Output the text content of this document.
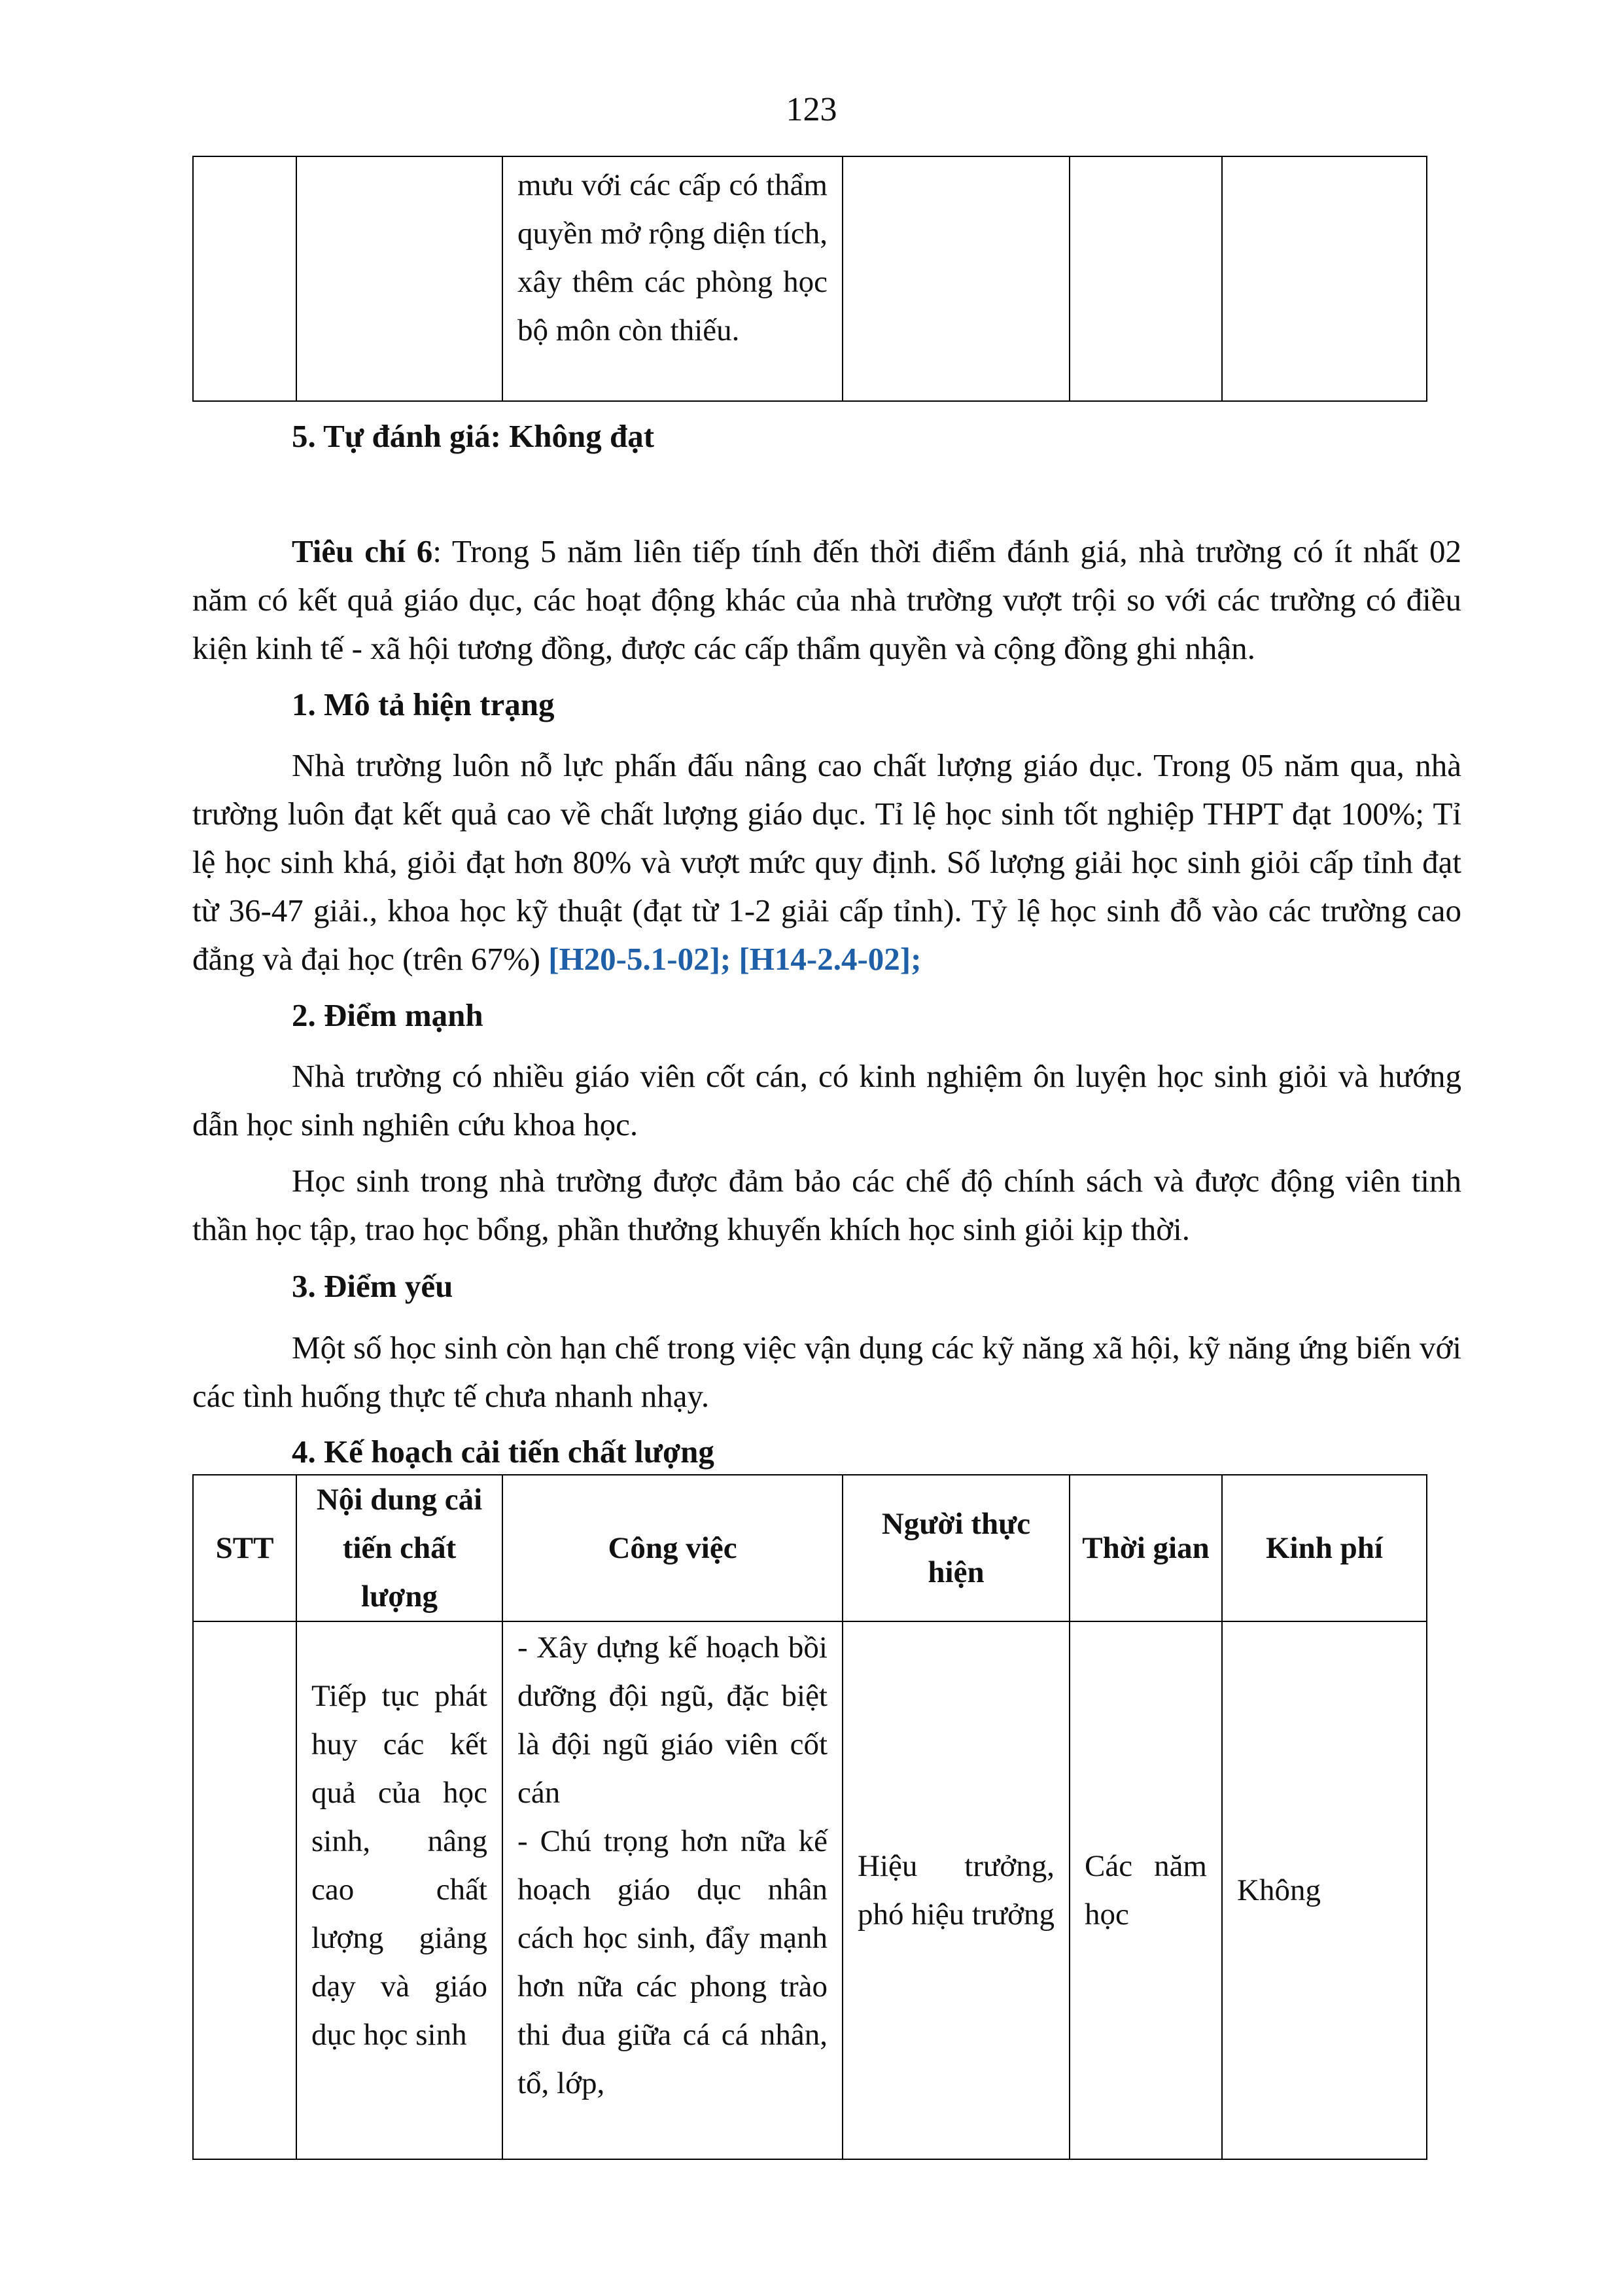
123
		mưu với các cấp có thẩm quyền mở rộng diện tích, xây thêm các phòng học bộ môn còn thiếu.			
5. Tự đánh giá: Không đạt
Tiêu chí 6: Trong 5 năm liên tiếp tính đến thời điểm đánh giá, nhà trường có ít nhất 02 năm có kết quả giáo dục, các hoạt động khác của nhà trường vượt trội so với các trường có điều kiện kinh tế - xã hội tương đồng, được các cấp thẩm quyền và cộng đồng ghi nhận.
1. Mô tả hiện trạng
Nhà trường luôn nỗ lực phấn đấu nâng cao chất lượng giáo dục. Trong 05 năm qua, nhà trường luôn đạt kết quả cao về chất lượng giáo dục. Tỉ lệ học sinh tốt nghiệp THPT đạt 100%; Tỉ lệ học sinh khá, giỏi đạt hơn 80% và vượt mức quy định. Số lượng giải học sinh giỏi cấp tỉnh đạt từ 36-47 giải., khoa học kỹ thuật (đạt từ 1-2 giải cấp tỉnh). Tỷ lệ học sinh đỗ vào các trường cao đẳng và đại học (trên 67%) [H20-5.1-02]; [H14-2.4-02];
2. Điểm mạnh
Nhà trường có nhiều giáo viên cốt cán, có kinh nghiệm ôn luyện học sinh giỏi và hướng dẫn học sinh nghiên cứu khoa học.
Học sinh trong nhà trường được đảm bảo các chế độ chính sách và được động viên tinh thần học tập, trao học bổng, phần thưởng khuyến khích học sinh giỏi kịp thời.
3. Điểm yếu
Một số học sinh còn hạn chế trong việc vận dụng các kỹ năng xã hội, kỹ năng ứng biến với các tình huống thực tế chưa nhanh nhạy.
4. Kế hoạch cải tiến chất lượng
STT	Nội dung cải tiến chất lượng	Công việc	Người thực hiện	Thời gian	Kinh phí
	Tiếp tục phát huy các kết quả của học sinh, nâng cao chất lượng giảng dạy và giáo dục học sinh	- Xây dựng kế hoạch bồi dưỡng đội ngũ, đặc biệt là đội ngũ giáo viên cốt cán
- Chú trọng hơn nữa kế hoạch giáo dục nhân cách học sinh, đẩy mạnh hơn nữa các phong trào thi đua giữa cá cá nhân, tổ, lớp,	Hiệu trưởng, phó hiệu trưởng	Các năm học	Không
